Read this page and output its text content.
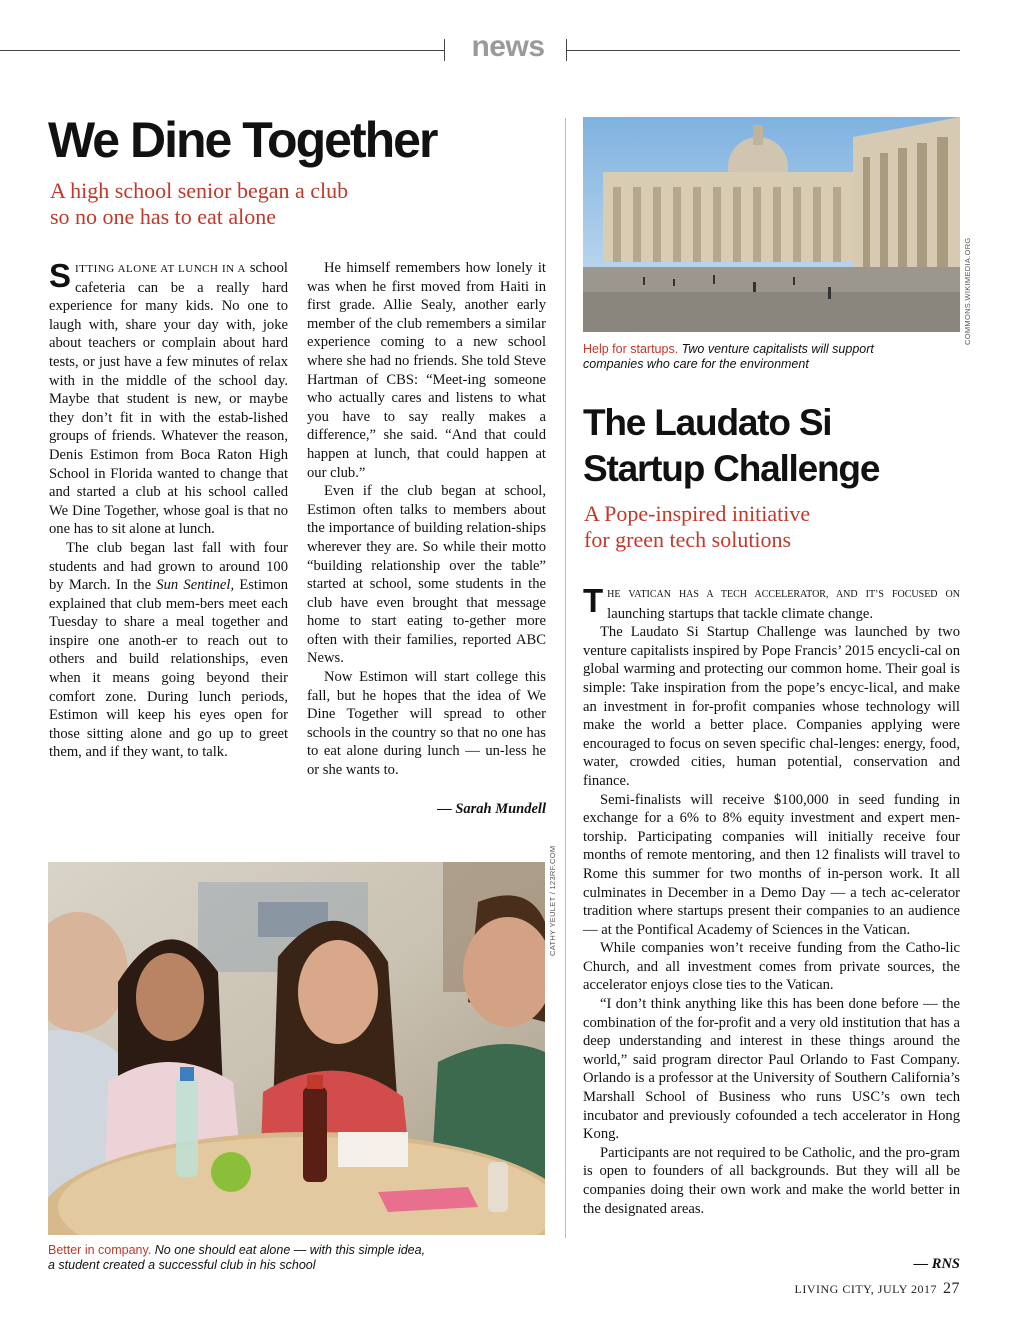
news
We Dine Together

A high school senior began a club

so no one has to eat alone

SITTING ALONE AT LUNCH IN A school cafeteria can be a really hard experience for many kids. No one to laugh with, share your day with, joke about teachers or complain about hard tests, or just have a few minutes of relax with in the middle of the school day. Maybe that student is new, or maybe they don’t fit in with the estab-lished groups of friends. Whatever the reason, Denis Estimon from Boca Raton High School in Florida wanted to change that and started a club at his school called We Dine Together, whose goal is that no one has to sit alone at lunch.

The club began last fall with four students and had grown to around 100 by March. In the Sun Sentinel, Estimon explained that club mem-bers meet each Tuesday to share a meal together and inspire one anoth-er to reach out to others and build relationships, even when it means going beyond their comfort zone. During lunch periods, Estimon will keep his eyes open for those sitting alone and go up to greet them, and if they want, to talk.

He himself remembers how lonely it was when he first moved from Haiti in first grade. Allie Sealy, another early member of the club remembers a similar experience coming to a new school where she had no friends. She told Steve Hartman of CBS: “Meet-ing someone who actually cares and listens to what you have to say really makes a difference,” she said. “And that could happen at lunch, that could happen at our club.”

Even if the club began at school, Estimon often talks to members about the importance of building relation-ships wherever they are. So while their motto “building relationship over the table” started at school, some students in the club have even brought that message home to start eating to-gether more often with their families, reported ABC News.

Now Estimon will start college this fall, but he hopes that the idea of We Dine Together will spread to other schools in the country so that no one has to eat alone during lunch — un-less he or she wants to.

— Sarah Mundell
CATHY YEULET / 123RF.COM
Better in company. No one should eat alone — with this simple idea,
a student created a successful club in his school
COMMONS.WIKIMEDIA.ORG
Help for startups. Two venture capitalists will support
companies who care for the environment
The Laudato Si
Startup Challenge

A Pope-inspired initiative

for green tech solutions

THE VATICAN HAS A TECH ACCELERATOR, AND IT’S FOCUSED ON launching startups that tackle climate change.

The Laudato Si Startup Challenge was launched by two venture capitalists inspired by Pope Francis’ 2015 encycli-cal on global warming and protecting our common home. Their goal is simple: Take inspiration from the pope’s encyc-lical, and make an investment in for-profit companies whose technology will make the world a better place. Companies applying were encouraged to focus on seven specific chal-lenges: energy, food, water, crowded cities, human potential, conservation and finance.

Semi-finalists will receive $100,000 in seed funding in exchange for a 6% to 8% equity investment and expert men-torship. Participating companies will initially receive four months of remote mentoring, and then 12 finalists will travel to Rome this summer for two months of in-person work. It all culminates in December in a Demo Day — a tech ac-celerator tradition where startups present their companies to an audience — at the Pontifical Academy of Sciences in the Vatican.

While companies won’t receive funding from the Catho-lic Church, and all investment comes from private sources, the accelerator enjoys close ties to the Vatican.

“I don’t think anything like this has been done before — the combination of the for-profit and a very old institution that has a deep understanding and interest in these things around the world,” said program director Paul Orlando to Fast Company. Orlando is a professor at the University of Southern California’s Marshall School of Business who runs USC’s own tech incubator and previously cofounded a tech accelerator in Hong Kong.

Participants are not required to be Catholic, and the pro-gram is open to founders of all backgrounds. But they will all be companies doing their own work and make the world better in the designated areas.

— RNS
LIVING CITY, JULY 2017 27
